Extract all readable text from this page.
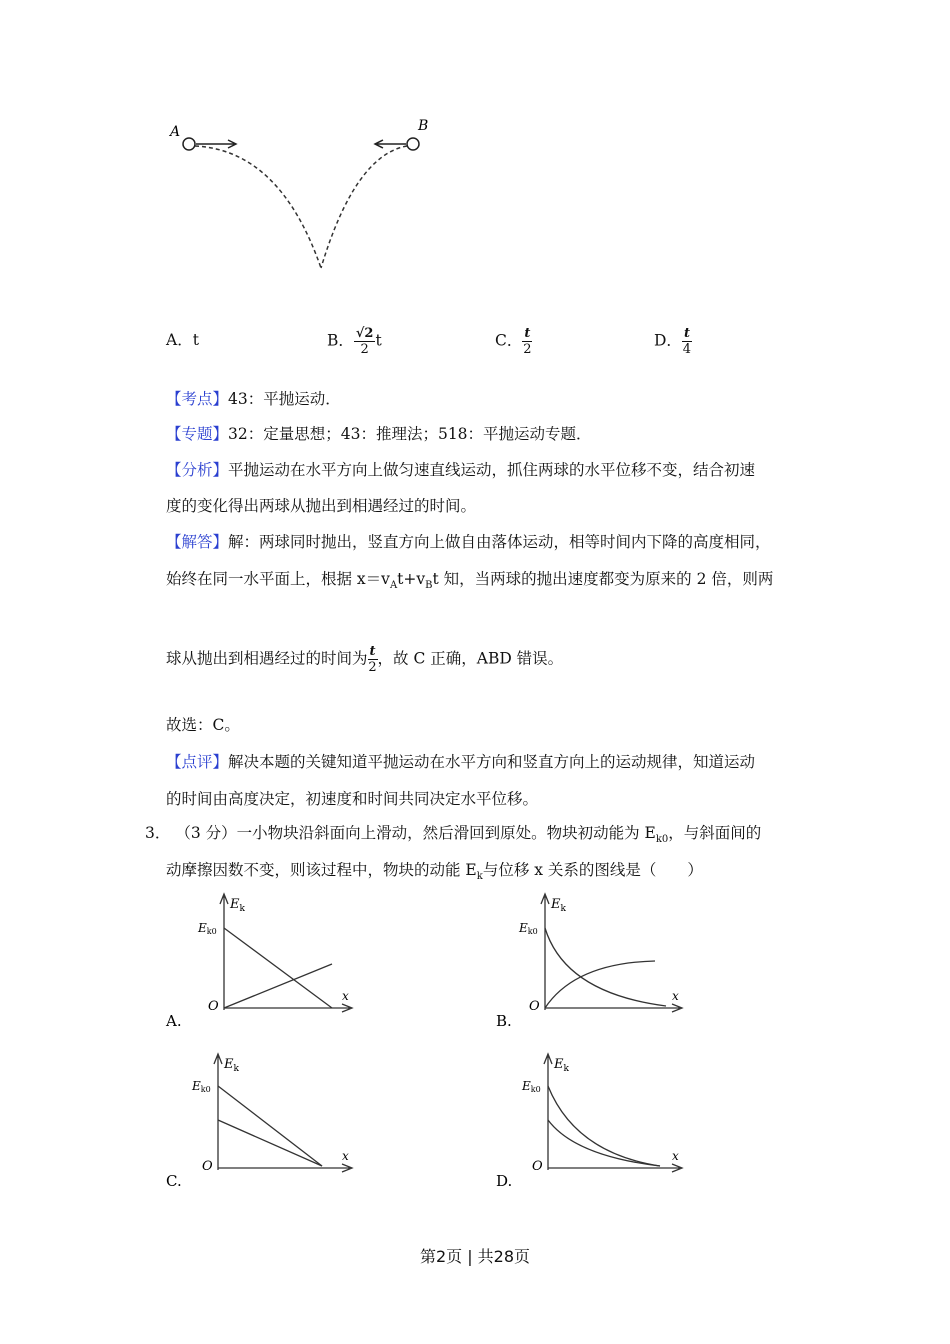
A	B
A．t	B． $\frac{√2}{2}$ t	C． $\frac{t}{2}$	D． $\frac{t}{4}$
【考点】43：平抛运动．
【专题】32：定量思想；43：推理法；518：平抛运动专题．
【分析】平抛运动在水平方向上做匀速直线运动，抓住两球的水平位移不变，结合初速
度的变化得出两球从抛出到相遇经过的时间。
【解答】解：两球同时抛出，竖直方向上做自由落体运动，相等时间内下降的高度相同，
始终在同一水平面上，根据 $x=v_At+v_Bt$ 知，当两球的抛出速度都变为原来的 2 倍，则两
球从抛出到相遇经过的时间为 $\frac{t}{2}$ ，故 C 正确，ABD 错误。
故选：C。
【点评】解决本题的关键知道平抛运动在水平方向和竖直方向上的运动规律，知道运动
的时间由高度决定，初速度和时间共同决定水平位移。
3． （3 分）一小物块沿斜面向上滑动，然后滑回到原处。物块初动能为 $E_{k0}$，与斜面间的
动摩擦因数不变，则该过程中，物块的动能 $E_k$与位移 x 关系的图线是（　　）
$E_k$
Ek0
O
x
A.
$E_k$
Ek0
O
x
B.
$E_k$
Ek0
O
x
C.
$E_k$
Ek0
O
x
D.
第2页 | 共28页
